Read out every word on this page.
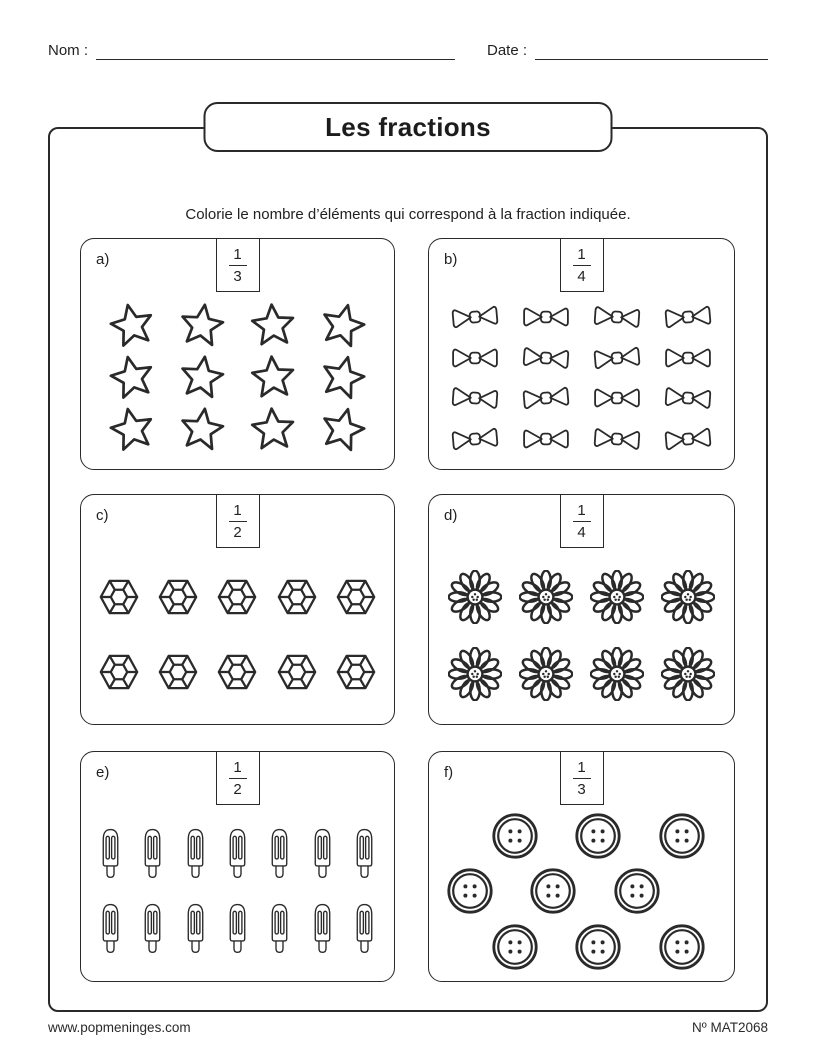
Nom :	Date :
Les fractions

Colorie le nombre d’éléments qui correspond à la fraction indiquée.

a)	1
3
b)	1
4
c)	1
2
d)	1
4
e)	1
2
f)	1
3
www.popmeninges.com	Nº MAT2068
